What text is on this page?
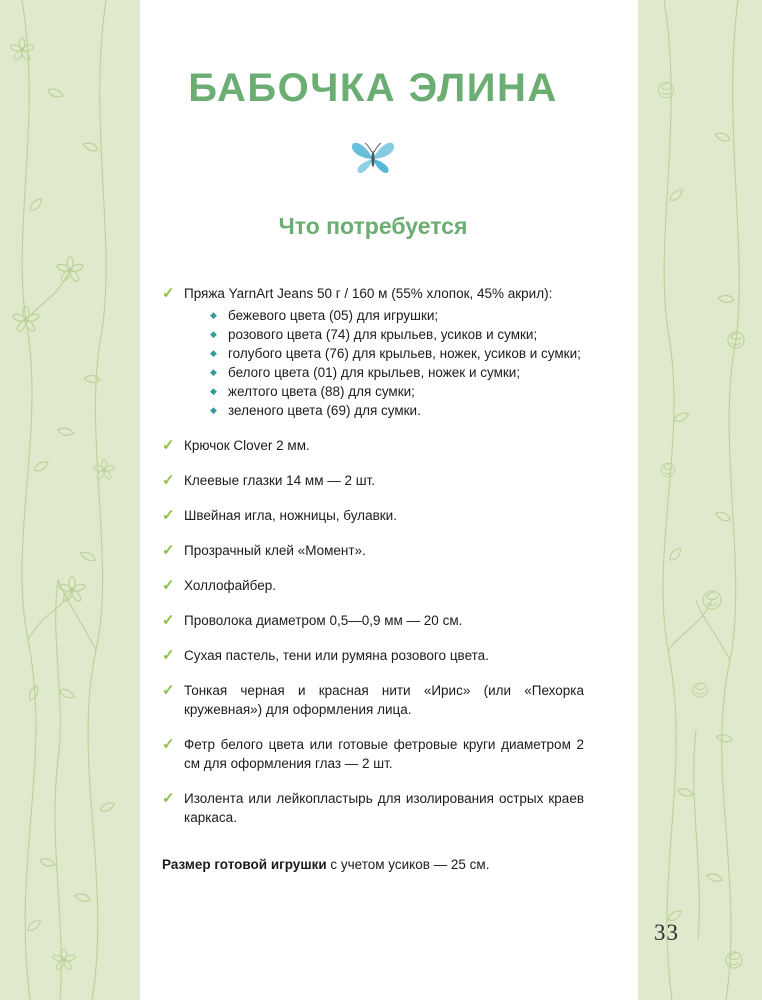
БАБОЧКА ЭЛИНА
Что потребуется
✓ Пряжа YarnArt Jeans 50 г / 160 м (55% хлопок, 45% акрил):
◆ бежевого цвета (05) для игрушки;
◆ розового цвета (74) для крыльев, усиков и сумки;
◆ голубого цвета (76) для крыльев, ножек, усиков и сумки;
◆ белого цвета (01) для крыльев, ножек и сумки;
◆ желтого цвета (88) для сумки;
◆ зеленого цвета (69) для сумки.
✓ Крючок Clover 2 мм.
✓ Клеевые глазки 14 мм — 2 шт.
✓ Швейная игла, ножницы, булавки.
✓ Прозрачный клей «Момент».
✓ Холлофайбер.
✓ Проволока диаметром 0,5—0,9 мм — 20 см.
✓ Сухая пастель, тени или румяна розового цвета.
✓ Тонкая черная и красная нити «Ирис» (или «Пехорка кружевная») для оформления лица.
✓ Фетр белого цвета или готовые фетровые круги диаметром 2 см для оформления глаз — 2 шт.
✓ Изолента или лейкопластырь для изолирования острых краев каркаса.

Размер готовой игрушки с учетом усиков — 25 см.

33
